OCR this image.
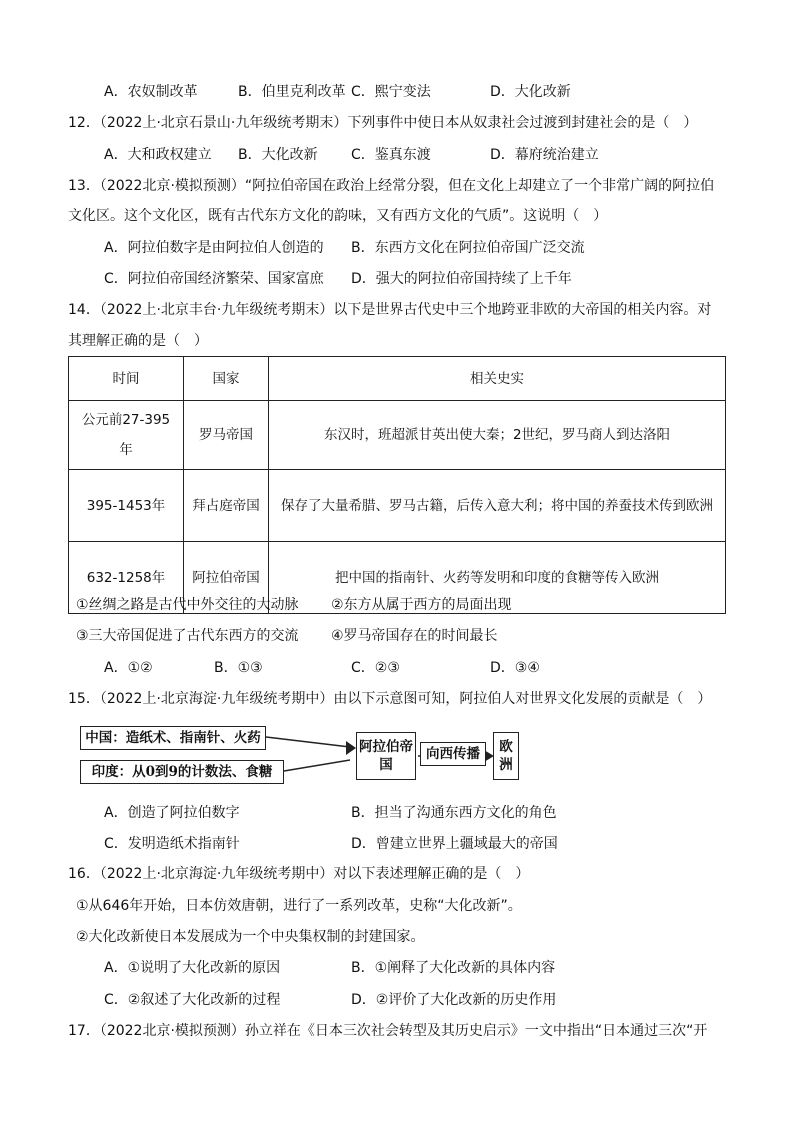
A．农奴制改革	B．伯里克利改革 C．熙宁变法	D．大化改新
12．（2022上·北京石景山·九年级统考期末）下列事件中使日本从奴隶社会过渡到封建社会的是（　）
A．大和政权建立 B．大化改新 C．鉴真东渡	D．幕府统治建立
13．（2022北京·模拟预测）“阿拉伯帝国在政治上经常分裂，但在文化上却建立了一个非常广阔的阿拉伯
文化区。这个文化区，既有古代东方文化的韵味，又有西方文化的气质”。这说明（　）
A．阿拉伯数字是由阿拉伯人创造的 B．东西方文化在阿拉伯帝国广泛交流
C．阿拉伯帝国经济繁荣、国家富庶 D．强大的阿拉伯帝国持续了上千年
14．（2022上·北京丰台·九年级统考期末）以下是世界古代史中三个地跨亚非欧的大帝国的相关内容。对
其理解正确的是（　）
时间	国家	相关史实
公元前27-395年	罗马帝国	东汉时，班超派甘英出使大秦；2世纪，罗马商人到达洛阳
395-1453年	拜占庭帝国	保存了大量希腊、罗马古籍，后传入意大利；将中国的养蚕技术传到欧洲
632-1258年	阿拉伯帝国	把中国的指南针、火药等发明和印度的食糖等传入欧洲
①丝绸之路是古代中外交往的大动脉 ②东方从属于西方的局面出现
③三大帝国促进了古代东西方的交流 ④罗马帝国存在的时间最长
A．①②	B．①③	C．②③	D．③④
15．（2022上·北京海淀·九年级统考期中）由以下示意图可知，阿拉伯人对世界文化发展的贡献是（　）
中国：造纸术、指南针、火药
印度：从0到9的计数法、食糖
阿拉伯帝国
向西传播	欧洲
A．创造了阿拉伯数字	B．担当了沟通东西方文化的角色
C．发明造纸术指南针	D．曾建立世界上疆域最大的帝国
16．（2022上·北京海淀·九年级统考期中）对以下表述理解正确的是（　）
①从646年开始，日本仿效唐朝，进行了一系列改革，史称“大化改新”。
②大化改新使日本发展成为一个中央集权制的封建国家。
A．①说明了大化改新的原因	B．①阐释了大化改新的具体内容
C．②叙述了大化改新的过程	D．②评价了大化改新的历史作用
17．（2022北京·模拟预测）孙立祥在《日本三次社会转型及其历史启示》一文中指出“日本通过三次“开
